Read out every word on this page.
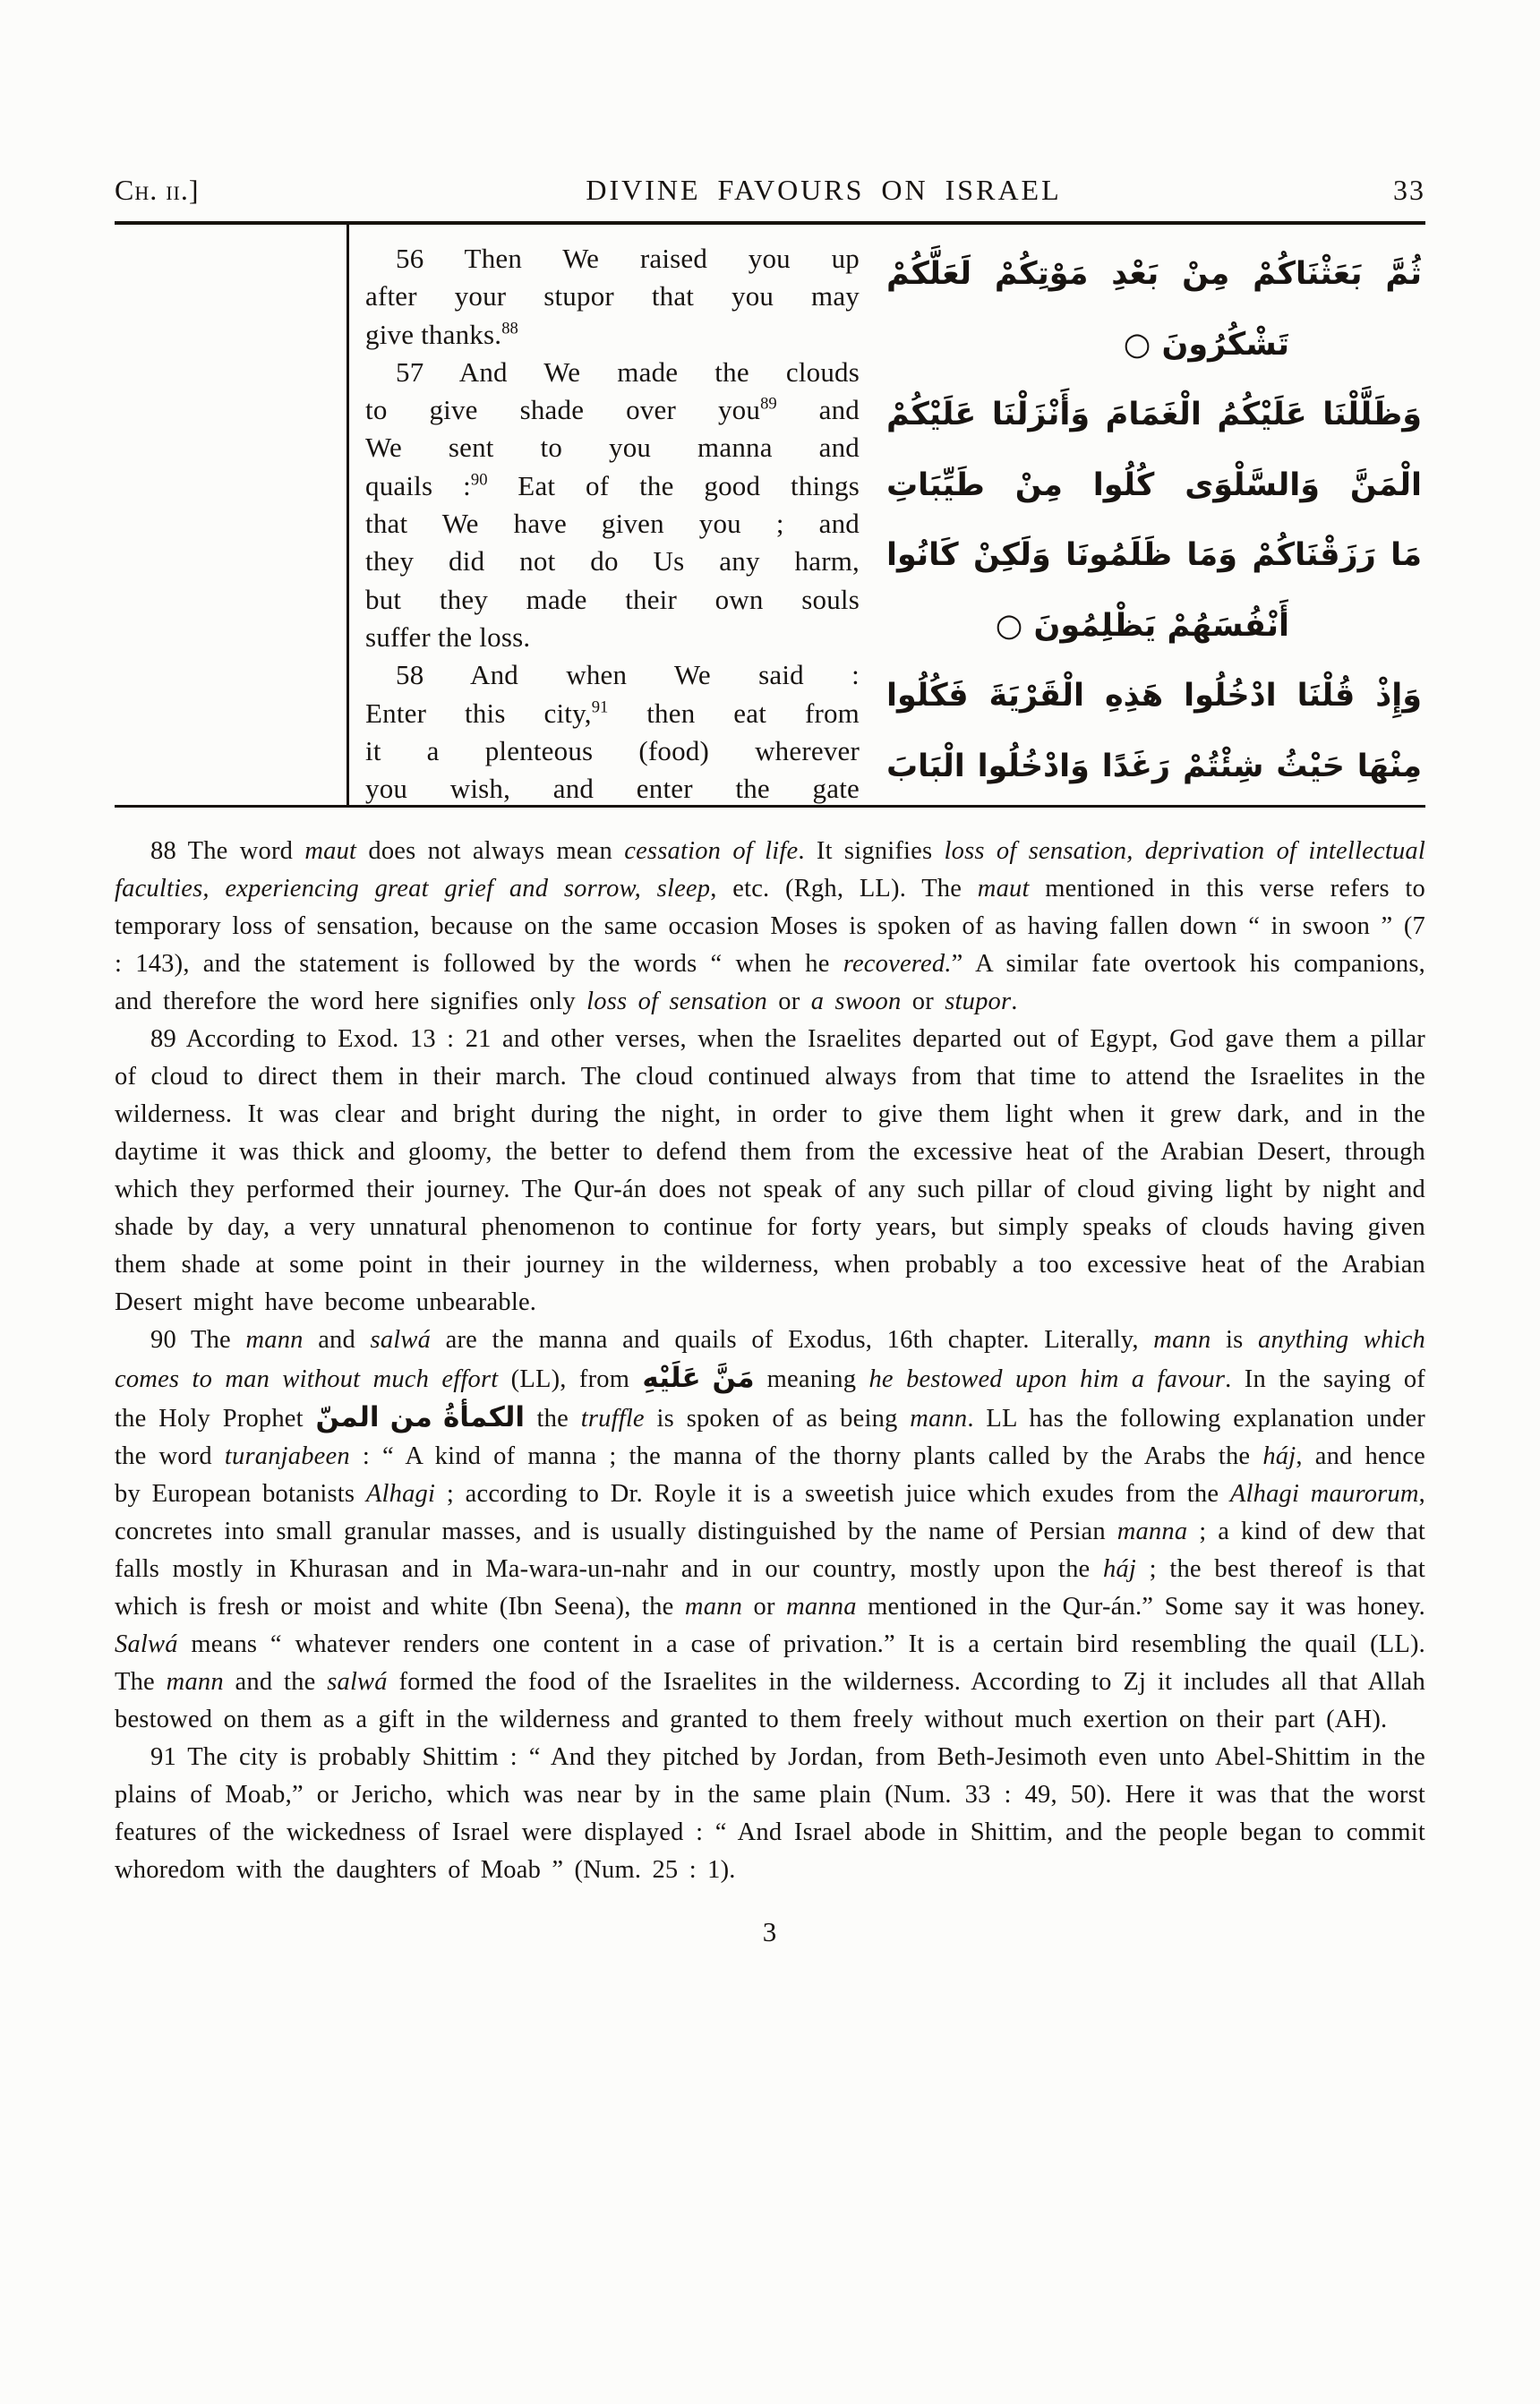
Ch. ii.]	DIVINE FAVOURS ON ISRAEL	33
56 Then We raised you up
after your stupor that you may
give thanks.$^{88}$
57 And We made the clouds
to give shade over you$^{89}$ and
We sent to you manna and
quails :$^{90}$ Eat of the good things
that We have given you ; and
they did not do Us any harm,
but they made their own souls
suffer the loss.
58 And when We said :
Enter this city,$^{91}$ then eat from
it a plenteous (food) wherever
you wish, and enter the gate
ثُمَّ بَعَثْنَاكُمْ مِنْ بَعْدِ مَوْتِكُمْ لَعَلَّكُمْ
تَشْكُرُونَ ○
وَظَلَّلْنَا عَلَيْكُمُ الْغَمَامَ وَأَنْزَلْنَا عَلَيْكُمْ
الْمَنَّ وَالسَّلْوَى كُلُوا مِنْ طَيِّبَاتِ
مَا رَزَقْنَاكُمْ وَمَا ظَلَمُونَا وَلَكِنْ كَانُوا
أَنْفُسَهُمْ يَظْلِمُونَ ○
وَإِذْ قُلْنَا ادْخُلُوا هَذِهِ الْقَرْيَةَ فَكُلُوا
مِنْهَا حَيْثُ شِئْتُمْ رَغَدًا وَادْخُلُوا الْبَابَ

88 The word maut does not always mean cessation of life. It signifies loss of sensation, deprivation of intellectual faculties, experiencing great grief and sorrow, sleep, etc. (Rgh, LL). The maut mentioned in this verse refers to temporary loss of sensation, because on the same occasion Moses is spoken of as having fallen down “ in swoon ” (7 : 143), and the statement is followed by the words “ when he recovered.” A similar fate overtook his companions, and therefore the word here signifies only loss of sensation or a swoon or stupor.

89 According to Exod. 13 : 21 and other verses, when the Israelites departed out of Egypt, God gave them a pillar of cloud to direct them in their march. The cloud continued always from that time to attend the Israelites in the wilderness. It was clear and bright during the night, in order to give them light when it grew dark, and in the daytime it was thick and gloomy, the better to defend them from the excessive heat of the Arabian Desert, through which they performed their journey. The Qur-án does not speak of any such pillar of cloud giving light by night and shade by day, a very unnatural phenomenon to continue for forty years, but simply speaks of clouds having given them shade at some point in their journey in the wilderness, when probably a too excessive heat of the Arabian Desert might have become unbearable.

90 The mann and salwá are the manna and quails of Exodus, 16th chapter. Literally, mann is anything which comes to man without much effort (LL), from مَنَّ عَلَيْهِ meaning he bestowed upon him a favour. In the saying of the Holy Prophet الكمأةُ من المنّ the truffle is spoken of as being mann. LL has the following explanation under the word turanjabeen : “ A kind of manna ; the manna of the thorny plants called by the Arabs the háj, and hence by European botanists Alhagi ; according to Dr. Royle it is a sweetish juice which exudes from the Alhagi maurorum, concretes into small granular masses, and is usually distinguished by the name of Persian manna ; a kind of dew that falls mostly in Khurasan and in Ma-wara-un-nahr and in our country, mostly upon the háj ; the best thereof is that which is fresh or moist and white (Ibn Seena), the mann or manna mentioned in the Qur-án.” Some say it was honey. Salwá means “ whatever renders one content in a case of privation.” It is a certain bird resembling the quail (LL). The mann and the salwá formed the food of the Israelites in the wilderness. According to Zj it includes all that Allah bestowed on them as a gift in the wilderness and granted to them freely without much exertion on their part (AH).

91 The city is probably Shittim : “ And they pitched by Jordan, from Beth-Jesimoth even unto Abel-Shittim in the plains of Moab,” or Jericho, which was near by in the same plain (Num. 33 : 49, 50). Here it was that the worst features of the wickedness of Israel were displayed : “ And Israel abode in Shittim, and the people began to commit whoredom with the daughters of Moab ” (Num. 25 : 1).

3
